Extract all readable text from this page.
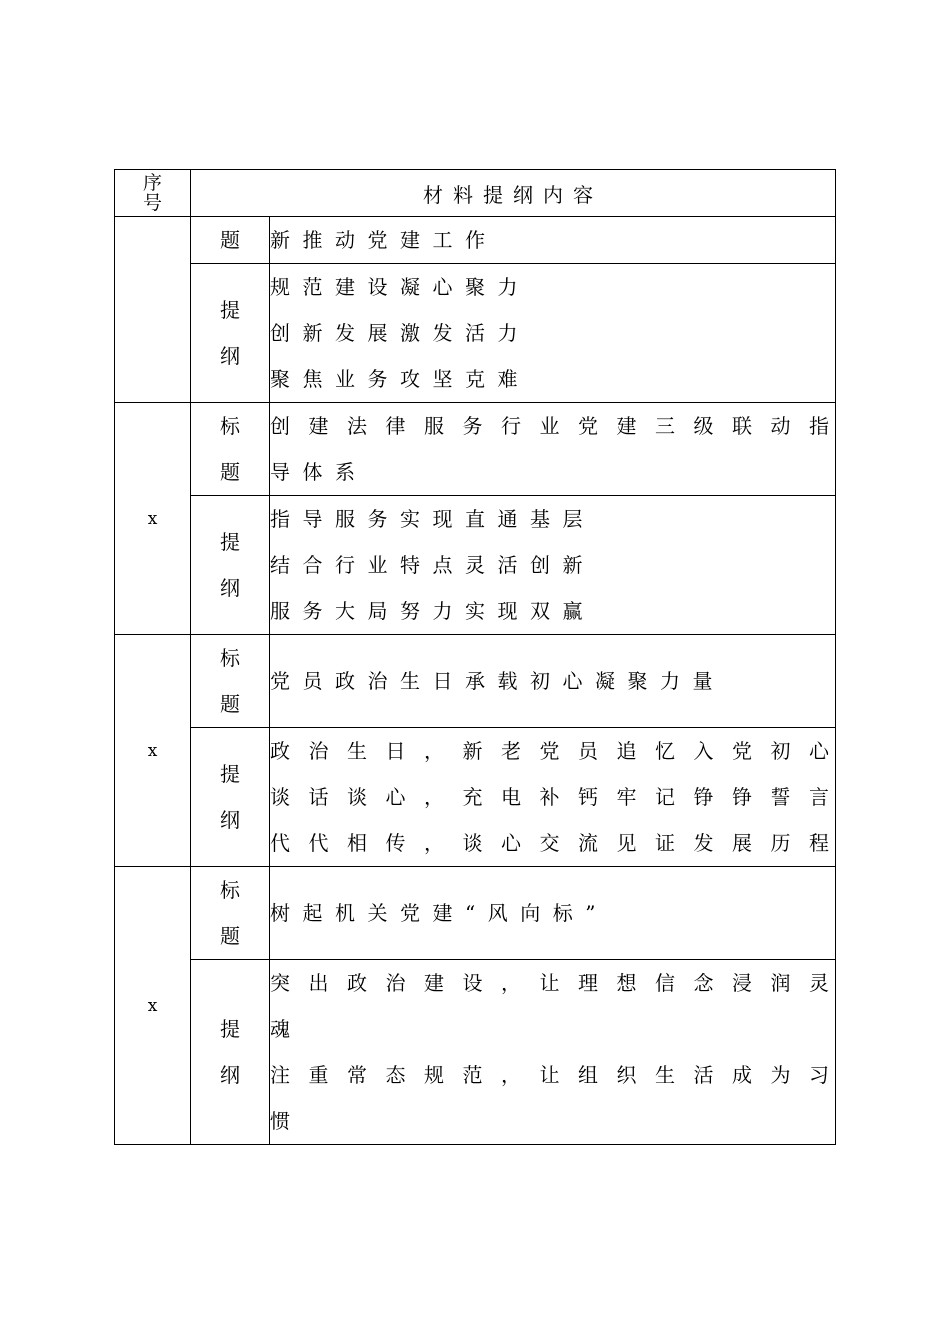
序
号	材料提纲内容	

	题	新推动党建工作

	提
纲	规范建设凝心聚力
创新发展激发活力
聚焦业务攻坚克难

x	标
题	创建法律服务行业党建三级联动指
导体系

	提
纲	指导服务实现直通基层
结合行业特点灵活创新
服务大局努力实现双赢

x	标
题	党员政治生日承载初心凝聚力量

	提
纲	政治生日，新老党员追忆入党初心
谈话谈心，充电补钙牢记铮铮誓言
代代相传，谈心交流见证发展历程

x	标
题	树起机关党建“风向标”

	提
纲	突出政治建设，让理想信念浸润灵
魂
注重常态规范，让组织生活成为习
惯
